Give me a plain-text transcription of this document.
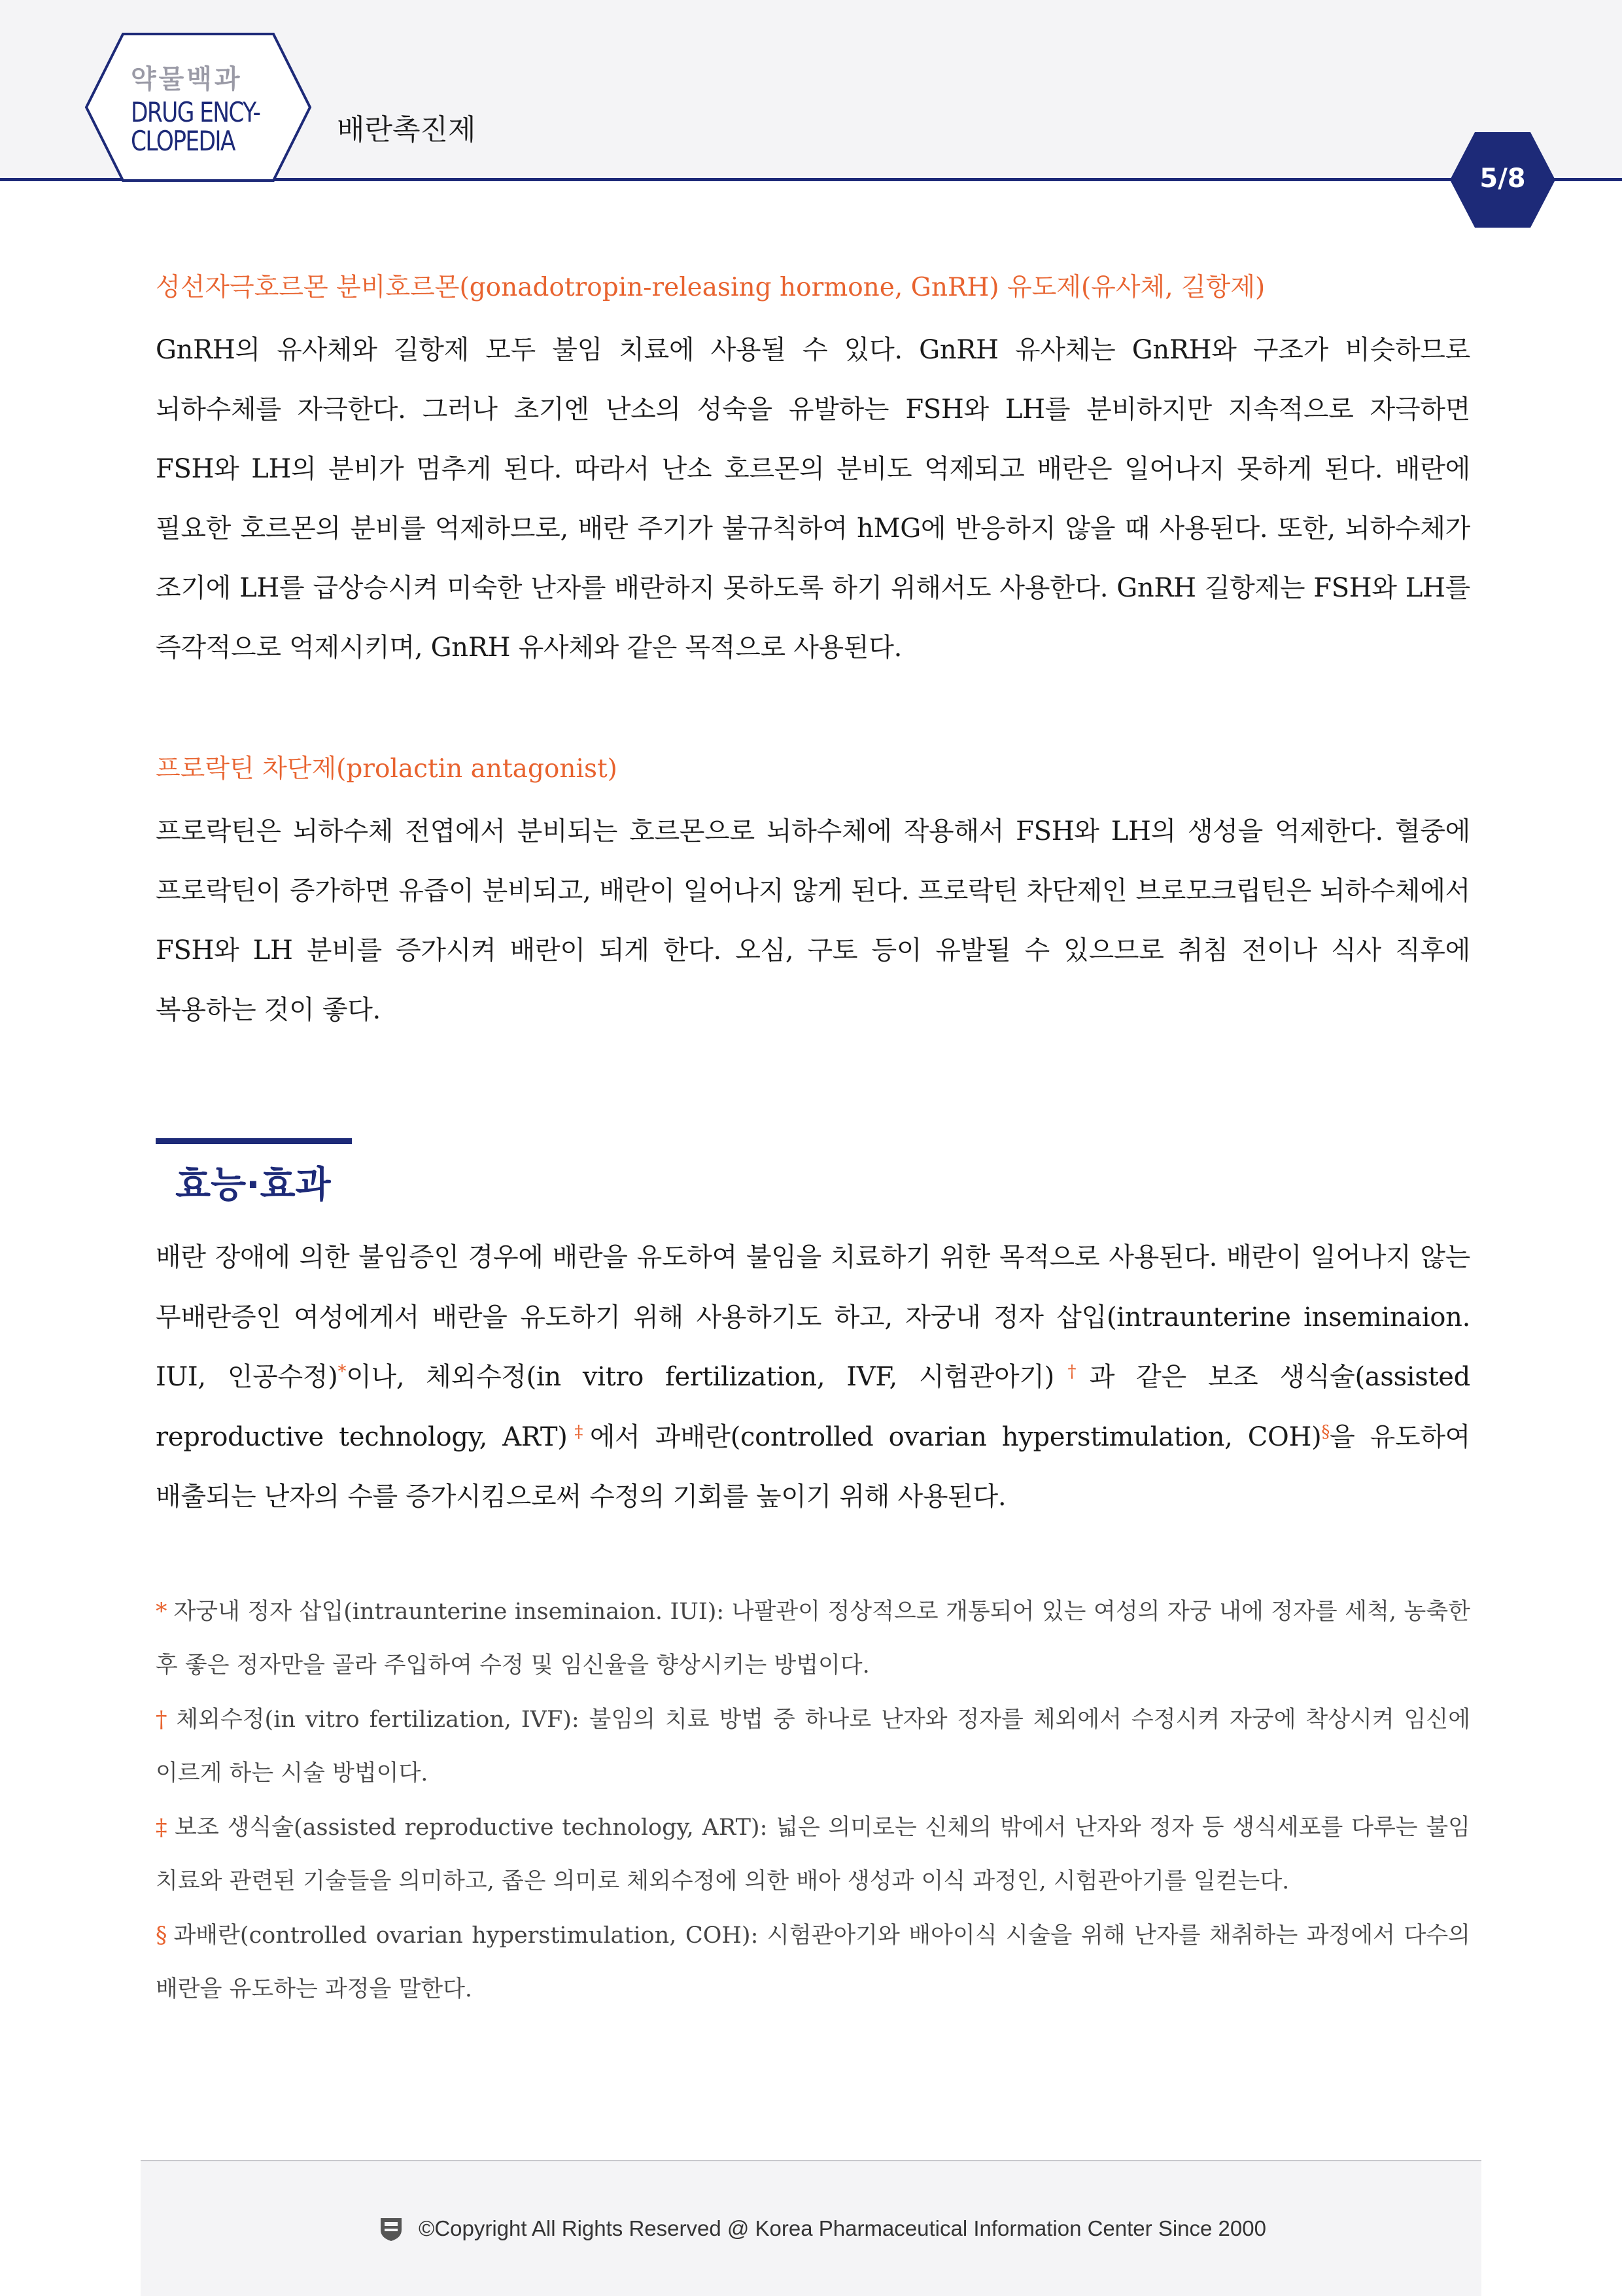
약물백과
DRUG ENCY-
CLOPEDIA	배란촉진제
5/8
성선자극호르몬 분비호르몬(gonadotropin-releasing hormone, GnRH) 유도제(유사체, 길항제)
GnRH의 유사체와 길항제 모두 불임 치료에 사용될 수 있다. GnRH 유사체는 GnRH와 구조가 비슷하므로 뇌하수체를 자극한다. 그러나 초기엔 난소의 성숙을 유발하는 FSH와 LH를 분비하지만 지속적으로 자극하면 FSH와 LH의 분비가 멈추게 된다. 따라서 난소 호르몬의 분비도 억제되고 배란은 일어나지 못하게 된다. 배란에 필요한 호르몬의 분비를 억제하므로, 배란 주기가 불규칙하여 hMG에 반응하지 않을 때 사용된다. 또한, 뇌하수체가 조기에 LH를 급상승시켜 미숙한 난자를 배란하지 못하도록 하기 위해서도 사용한다. GnRH 길항제는 FSH와 LH를 즉각적으로 억제시키며, GnRH 유사체와 같은 목적으로 사용된다.
프로락틴 차단제(prolactin antagonist)
프로락틴은 뇌하수체 전엽에서 분비되는 호르몬으로 뇌하수체에 작용해서 FSH와 LH의 생성을 억제한다. 혈중에 프로락틴이 증가하면 유즙이 분비되고, 배란이 일어나지 않게 된다. 프로락틴 차단제인 브로모크립틴은 뇌하수체에서 FSH와 LH 분비를 증가시켜 배란이 되게 한다. 오심, 구토 등이 유발될 수 있으므로 취침 전이나 식사 직후에 복용하는 것이 좋다.
효능·효과
배란 장애에 의한 불임증인 경우에 배란을 유도하여 불임을 치료하기 위한 목적으로 사용된다. 배란이 일어나지 않는 무배란증인 여성에게서 배란을 유도하기 위해 사용하기도 하고, 자궁내 정자 삽입(intraunterine inseminaion. IUI, 인공수정)*이나, 체외수정(in vitro fertilization, IVF, 시험관아기)†과 같은 보조 생식술(assisted reproductive technology, ART)‡에서 과배란(controlled ovarian hyperstimulation, COH)§을 유도하여 배출되는 난자의 수를 증가시킴으로써 수정의 기회를 높이기 위해 사용된다.
* 자궁내 정자 삽입(intraunterine inseminaion. IUI): 나팔관이 정상적으로 개통되어 있는 여성의 자궁 내에 정자를 세척, 농축한 후 좋은 정자만을 골라 주입하여 수정 및 임신율을 향상시키는 방법이다.
† 체외수정(in vitro fertilization, IVF): 불임의 치료 방법 중 하나로 난자와 정자를 체외에서 수정시켜 자궁에 착상시켜 임신에 이르게 하는 시술 방법이다.
‡ 보조 생식술(assisted reproductive technology, ART): 넓은 의미로는 신체의 밖에서 난자와 정자 등 생식세포를 다루는 불임 치료와 관련된 기술들을 의미하고, 좁은 의미로 체외수정에 의한 배아 생성과 이식 과정인, 시험관아기를 일컫는다.
§ 과배란(controlled ovarian hyperstimulation, COH): 시험관아기와 배아이식 시술을 위해 난자를 채취하는 과정에서 다수의 배란을 유도하는 과정을 말한다.
©Copyright All Rights Reserved @ Korea Pharmaceutical Information Center Since 2000
